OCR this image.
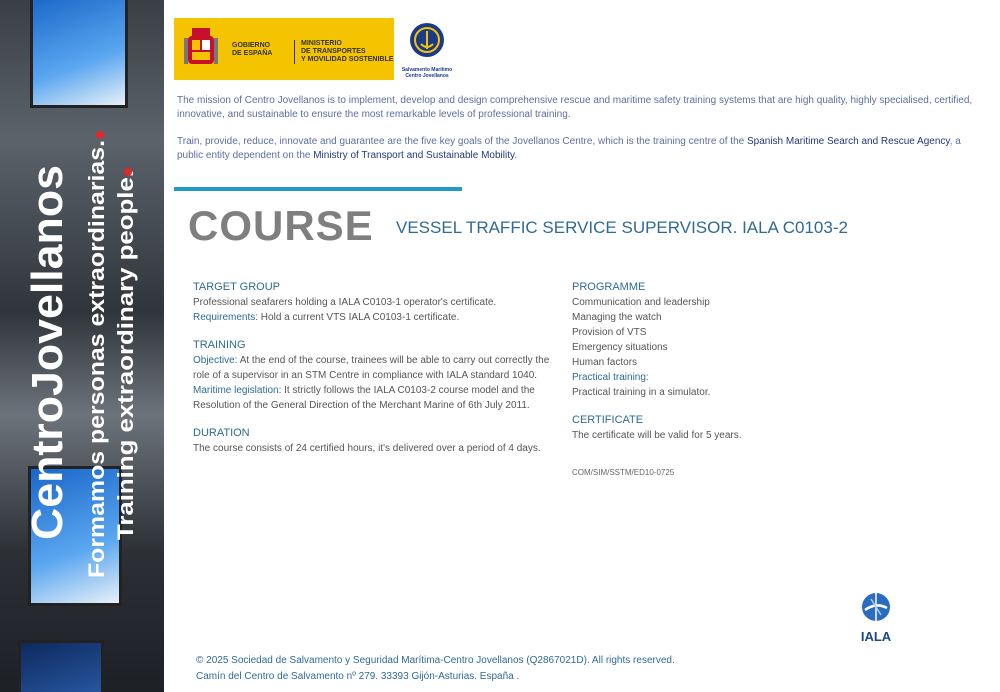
CentroJovellanos Formamos personas extraordinarias. Training extraordinary people.
GOBIERNO
DE ESPAÑA
MINISTERIO
DE TRANSPORTES
Y MOVILIDAD SOSTENIBLE
Salvamento Marítimo
Centro Jovellanos

The mission of Centro Jovellanos is to implement, develop and design comprehensive rescue and maritime safety training systems that are high quality, highly specialised, certified, innovative, and sustainable to ensure the most remarkable levels of professional training.

Train, provide, reduce, innovate and guarantee are the five key goals of the Jovellanos Centre, which is the training centre of the Spanish Maritime Search and Rescue Agency, a public entity dependent on the Ministry of Transport and Sustainable Mobility.

COURSE VESSEL TRAFFIC SERVICE SUPERVISOR. IALA C0103-2
TARGET GROUP

Professional seafarers holding a IALA C0103-1 operator's certificate.

Requirements: Hold a current VTS IALA C0103-1 certificate.

TRAINING

Objective: At the end of the course, trainees will be able to carry out correctly the role of a supervisor in an STM Centre in compliance with IALA standard 1040.

Maritime legislation: It strictly follows the IALA C0103-2 course model and the Resolution of the General Direction of the Merchant Marine of 6th July 2011.

DURATION

The course consists of 24 certified hours, it's delivered over a period of 4 days.

PROGRAMME

Communication and leadership

Managing the watch

Provision of VTS

Emergency situations

Human factors

Practical training:

Practical training in a simulator.

CERTIFICATE

The certificate will be valid for 5 years.

COM/SIM/SSTM/ED10-0725

IALA
© 2025 Sociedad de Salvamento y Seguridad Marítima-Centro Jovellanos (Q2867021D). All rights reserved.
Camín del Centro de Salvamento nº 279. 33393 Gijón-Asturias. España .
